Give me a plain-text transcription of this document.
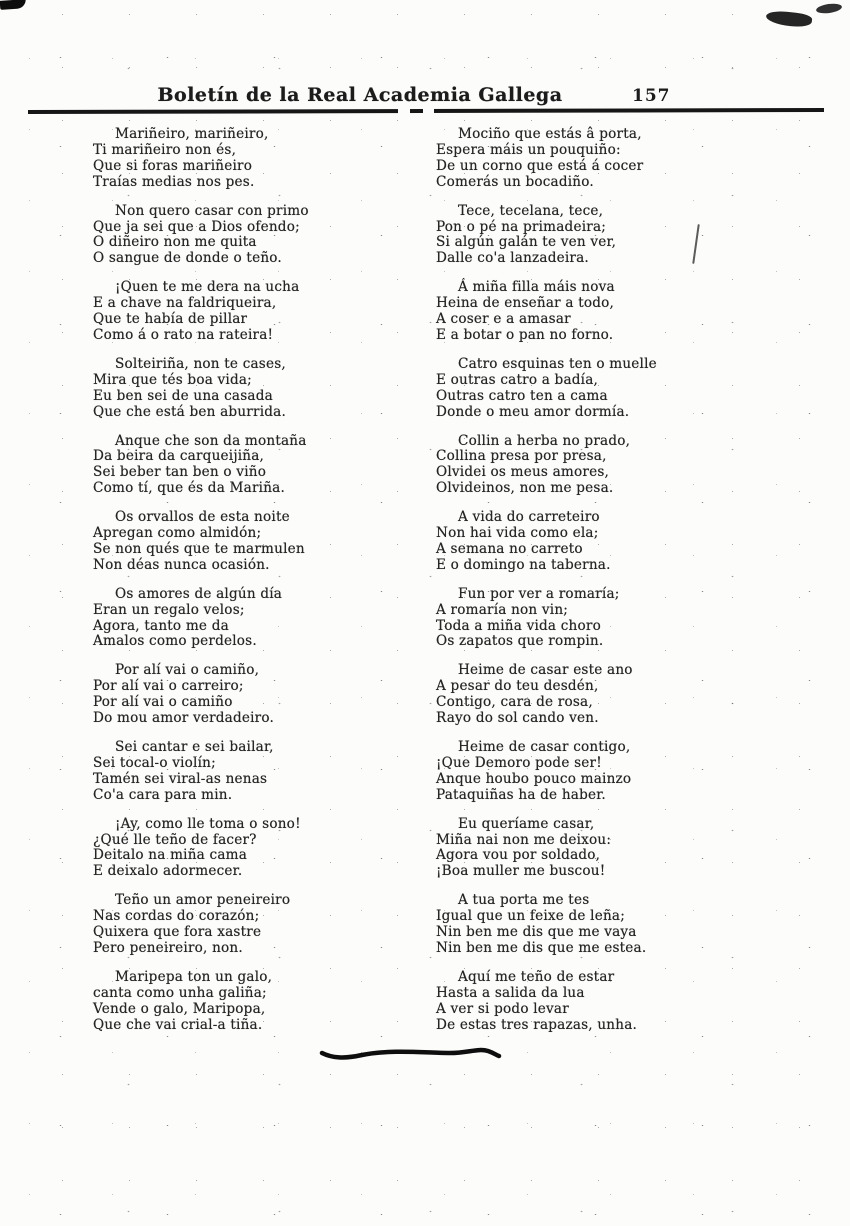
Boletín de la Real Academia Gallega	157

Mariñeiro, mariñeiro,

Ti mariñeiro non és,

Que si foras mariñeiro

Traías medias nos pes.

Non quero casar con primo

Que ja sei que a Dios ofendo;

O diñeiro non me quita

O sangue de donde o teño.

¡Quen te me dera na ucha

E a chave na faldriqueira,

Que te había de pillar

Como á o rato na rateira!

Solteiriña, non te cases,

Mira que tés boa vida;

Eu ben sei de una casada

Que che está ben aburrida.

Anque che son da montaña

Da beira da carqueijiña,

Sei beber tan ben o viño

Como tí, que és da Mariña.

Os orvallos de esta noite

Apregan como almidón;

Se non qués que te marmulen

Non déas nunca ocasión.

Os amores de algún día

Eran un regalo velos;

Agora, tanto me da

Amalos como perdelos.

Por alí vai o camiño,

Por alí vai o carreiro;

Por alí vai o camiño

Do mou amor verdadeiro.

Sei cantar e sei bailar,

Sei tocal-o violín;

Tamén sei viral-as nenas

Co'a cara para min.

¡Ay, como lle toma o sono!

¿Qué lle teño de facer?

Deitalo na miña cama

E deixalo adormecer.

Teño un amor peneireiro

Nas cordas do corazón;

Quixera que fora xastre

Pero peneireiro, non.

Maripepa ton un galo,

canta como unha galiña;

Vende o galo, Maripopa,

Que che vai crial-a tiña.

Mociño que estás â porta,

Espera máis un pouquiño:

De un corno que está á cocer

Comerás un bocadiño.

Tece, tecelana, tece,

Pon o pé na primadeira;

Si algún galán te ven ver,

Dalle co'a lanzadeira.

Á miña filla máis nova

Heina de enseñar a todo,

A coser e a amasar

E a botar o pan no forno.

Catro esquinas ten o muelle

E outras catro a badía,

Outras catro ten a cama

Donde o meu amor dormía.

Collin a herba no prado,

Collina presa por presa,

Olvidei os meus amores,

Olvideinos, non me pesa.

A vida do carreteiro

Non hai vida como ela;

A semana no carreto

E o domingo na taberna.

Fun por ver a romaría;

A romaría non vin;

Toda a miña vida choro

Os zapatos que rompin.

Heime de casar este ano

A pesar do teu desdén,

Contigo, cara de rosa,

Rayo do sol cando ven.

Heime de casar contigo,

¡Que Demoro pode ser!

Anque houbo pouco mainzo

Pataquiñas ha de haber.

Eu queríame casar,

Miña nai non me deixou:

Agora vou por soldado,

¡Boa muller me buscou!

A tua porta me tes

Igual que un feixe de leña;

Nin ben me dis que me vaya

Nin ben me dis que me estea.

Aquí me teño de estar

Hasta a salida da lua

A ver si podo levar

De estas tres rapazas, unha.
